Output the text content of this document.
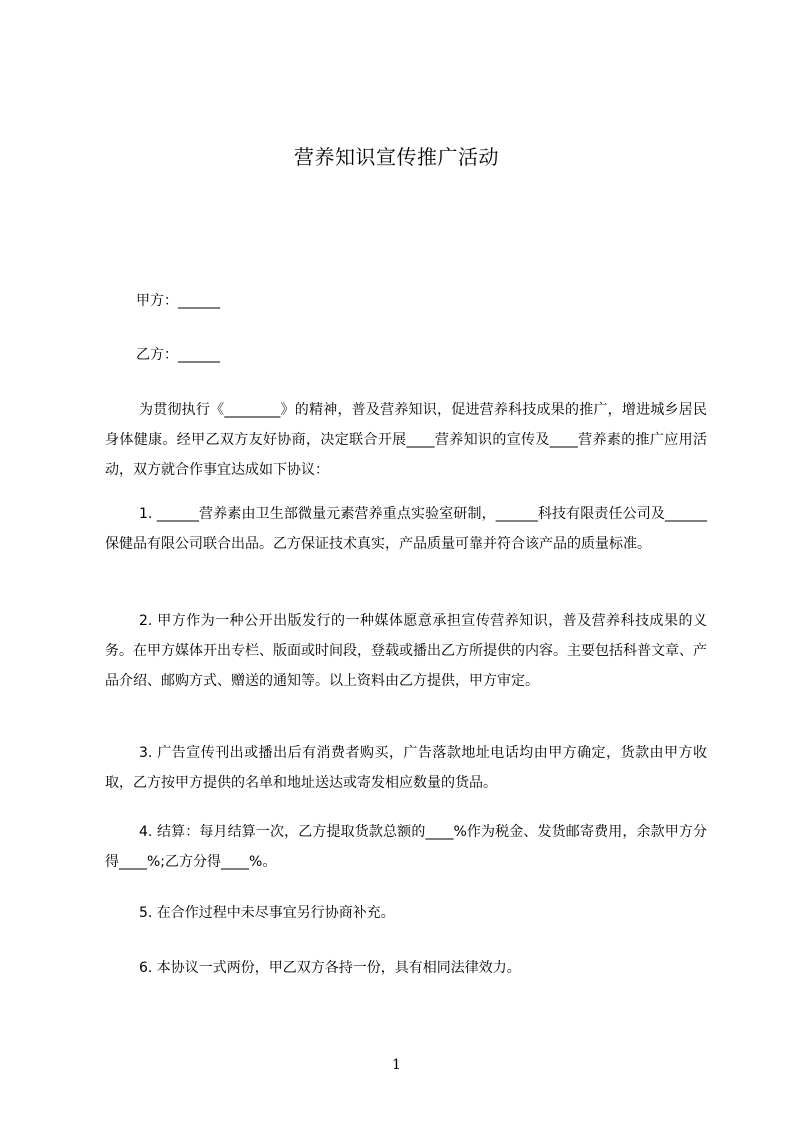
营养知识宣传推广活动
甲方：______
乙方：______
为贯彻执行《________》的精神，普及营养知识，促进营养科技成果的推广，增进城乡居民身体健康。经甲乙双方友好协商，决定联合开展____营养知识的宣传及____营养素的推广应用活动，双方就合作事宜达成如下协议：
1. ______营养素由卫生部微量元素营养重点实验室研制，______科技有限责任公司及______保健品有限公司联合出品。乙方保证技术真实，产品质量可靠并符合该产品的质量标准。
2. 甲方作为一种公开出版发行的一种媒体愿意承担宣传营养知识，普及营养科技成果的义务。在甲方媒体开出专栏、版面或时间段，登载或播出乙方所提供的内容。主要包括科普文章、产品介绍、邮购方式、赠送的通知等。以上资料由乙方提供，甲方审定。
3. 广告宣传刊出或播出后有消费者购买，广告落款地址电话均由甲方确定，货款由甲方收取，乙方按甲方提供的名单和地址送达或寄发相应数量的货品。
4. 结算：每月结算一次，乙方提取货款总额的____%作为税金、发货邮寄费用，余款甲方分得____%;乙方分得____%。
5. 在合作过程中未尽事宜另行协商补充。
6. 本协议一式两份，甲乙双方各持一份，具有相同法律效力。
1
